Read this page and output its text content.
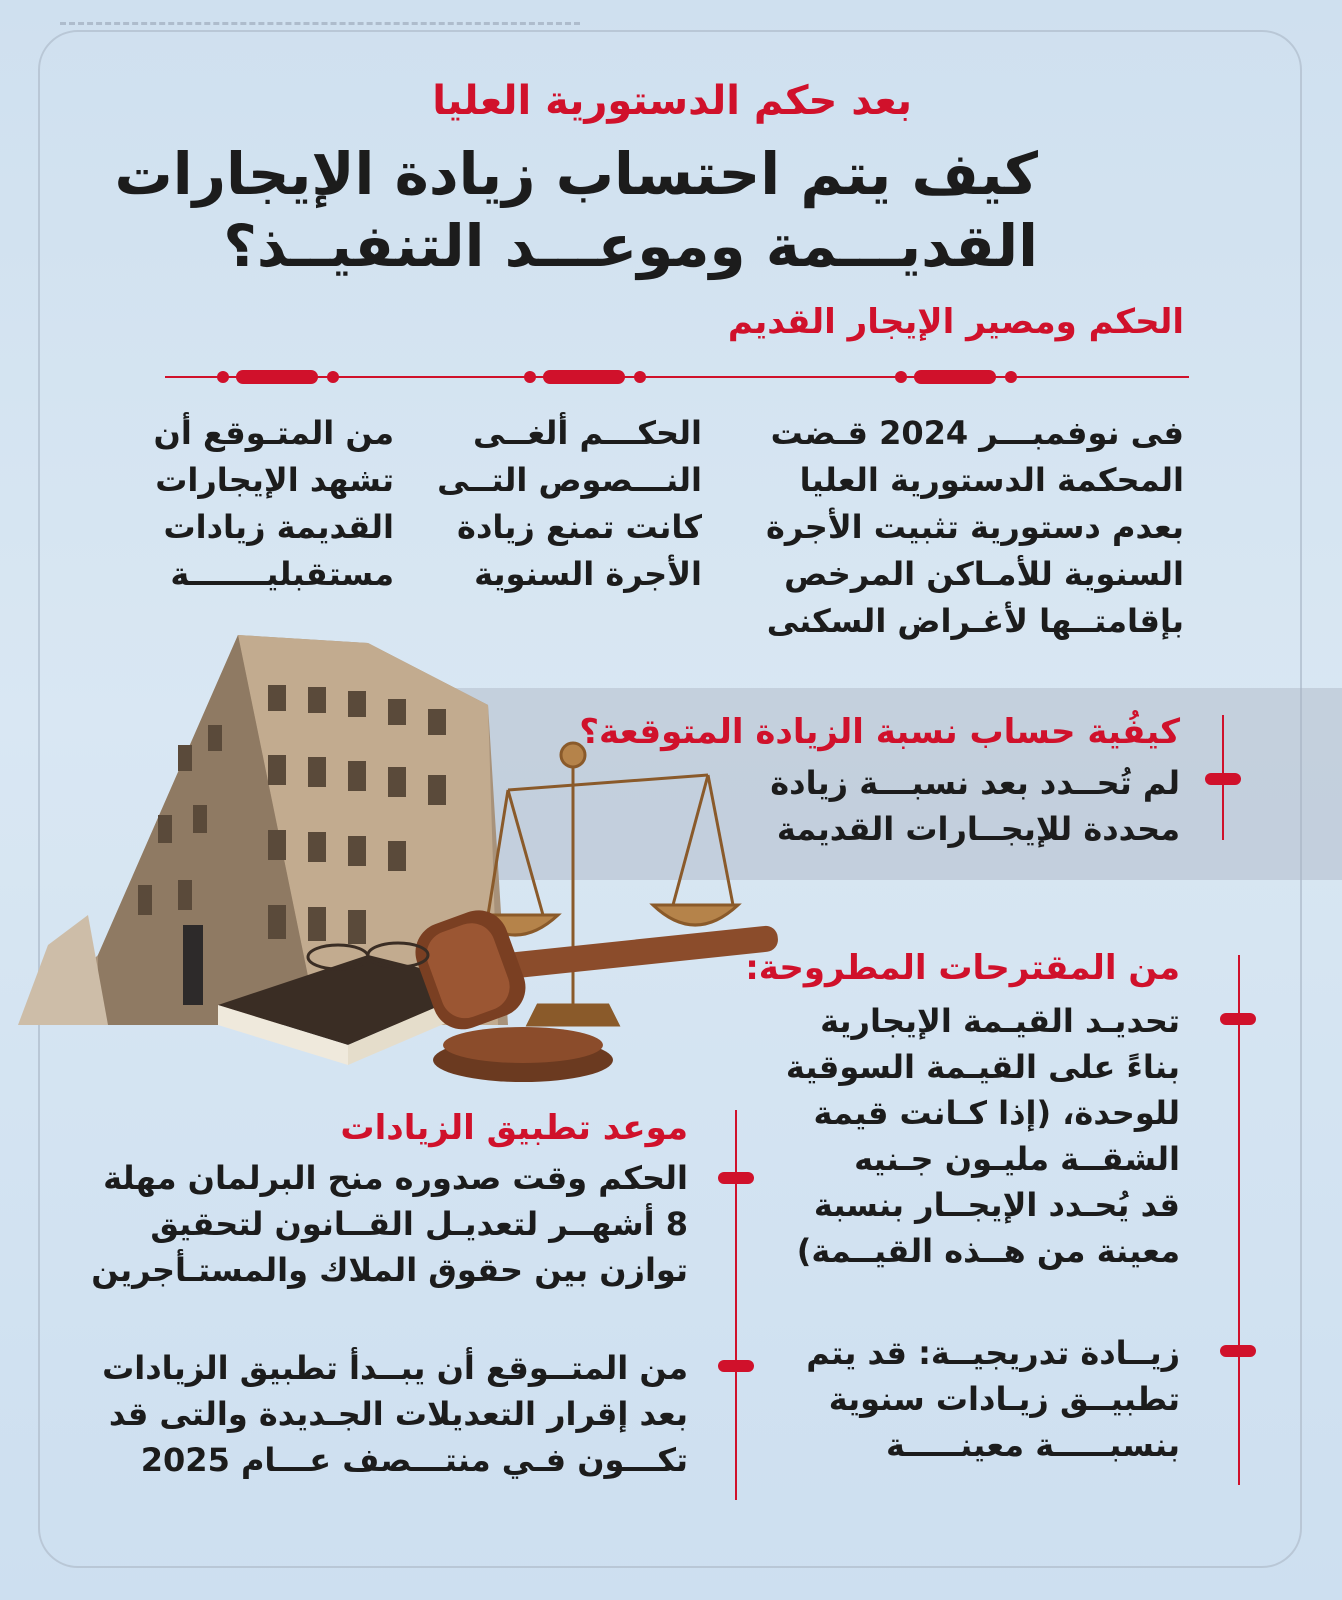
بعد حكم الدستورية العليا
كيف يتم احتساب زيادة الإيجارات
القديـــمة وموعـــد التنفيــذ؟
الحكم ومصير الإيجار القديم
فى نوفمبـــر 2024 قـضت
المحكمة الدستورية العليا
بعدم دستورية تثبيت الأجرة
السنوية للأمـاكن المرخص
بإقامتــها لأغـراض السكنى
الحكـــم ألغــى
النـــصوص التــى
كانت تمنع زيادة
الأجرة السنوية
من المتـوقع أن
تشهد الإيجارات
القديمة زيادات
مستقبليـــــــة
كيفُية حساب نسبة الزيادة المتوقعة؟
لم تُحــدد بعد نسبـــة زيادة
محددة للإيجــارات القديمة
من المقترحات المطروحة:
تحديـد القيـمة الإيجارية
بناءً على القيـمة السوقية
للوحدة، (إذا كـانت قيمة
الشقــة مليـون جـنيه
قد يُحـدد الإيجــار بنسبة
معينة من هــذه القيــمة)
زيــادة تدريجيــة: قد يتم
تطبيــق زيـادات سنوية
بنسبـــــة معينـــــة
موعد تطبيق الزيادات
الحكم وقت صدوره منح البرلمان مهلة
8 أشهــر لتعديـل القــانون لتحقيق
توازن بين حقوق الملاك والمستـأجرين
من المتــوقع أن يبــدأ تطبيق الزيادات
بعد إقرار التعديلات الجـديدة والتى قد
تكـــون فـي منتـــصف عـــام 2025
